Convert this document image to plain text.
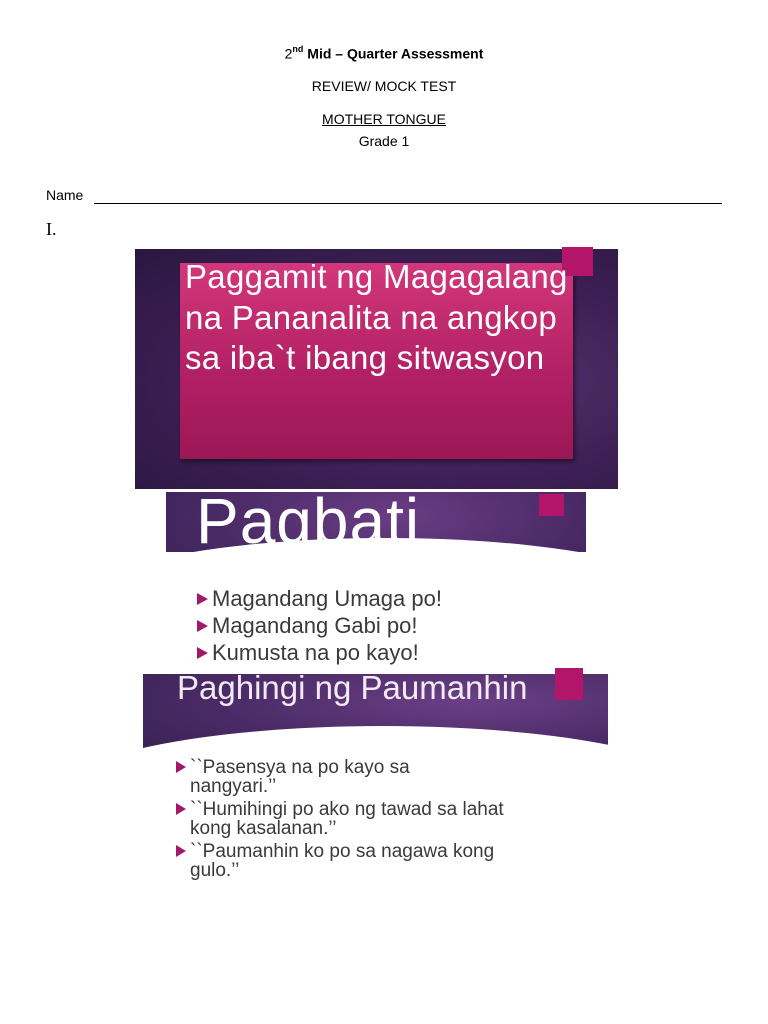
2nd Mid – Quarter Assessment
REVIEW/ MOCK TEST
MOTHER TONGUE
Grade 1
Name
I.
Paggamit ng Magagalang na Pananalita na angkop sa iba`t ibang sitwasyon
Pagbati
Magandang Umaga po!
Magandang Gabi po!
Kumusta na po kayo!
Paghingi ng Paumanhin
``Pasensya na po kayo sa nangyari.’’
``Humihingi po ako ng tawad sa lahat kong kasalanan.’’
``Paumanhin ko po sa nagawa kong gulo.’’
